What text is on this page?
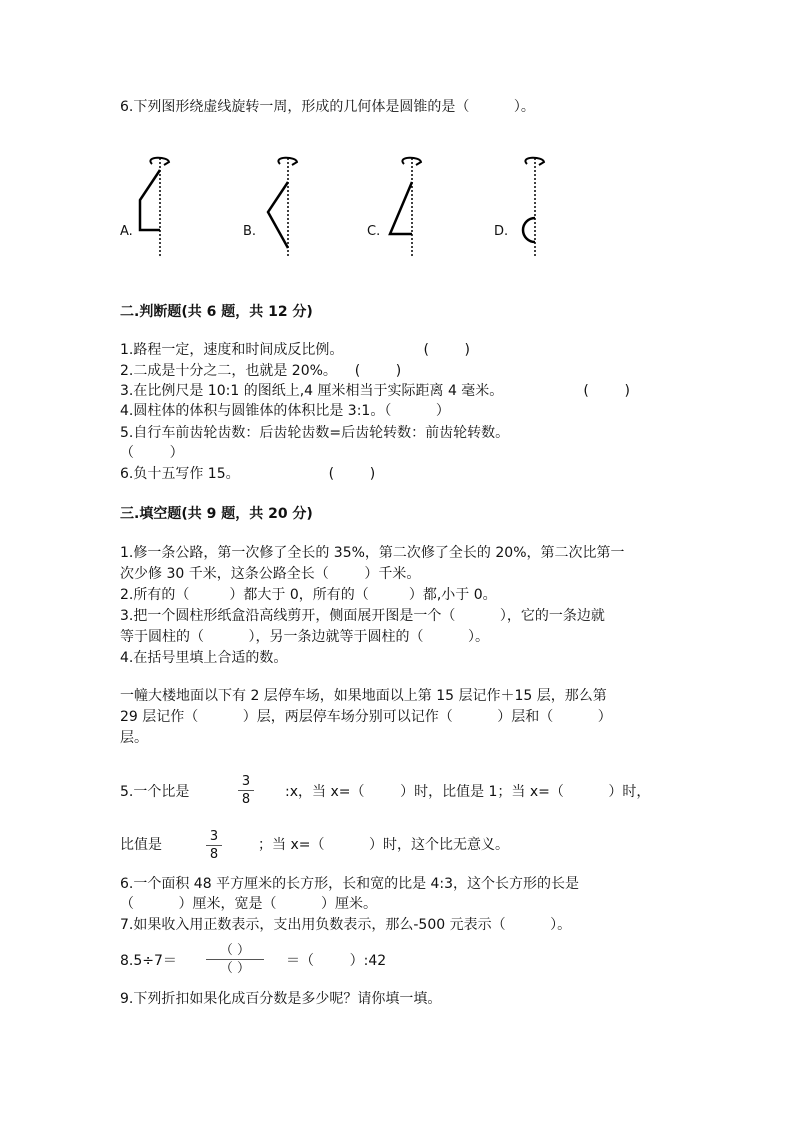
6.下列图形绕虚线旋转一周，形成的几何体是圆锥的是（          ）。
A.	B.	C.	D.
二.判断题(共 6 题，共 12 分)
1.路程一定，速度和时间成反比例。                  (        )
2.二成是十分之二，也就是 20%。    (        )
3.在比例尺是 10:1 的图纸上,4 厘米相当于实际距离 4 毫米。                  (        )
4.圆柱体的体积与圆锥体的体积比是 3:1。（          ）
5.自行车前齿轮齿数：后齿轮齿数=后齿轮转数：前齿轮转数。
（        ）
6.负十五写作 15。                    (        )
三.填空题(共 9 题，共 20 分)
1.修一条公路，第一次修了全长的 35%，第二次修了全长的 20%，第二次比第一
次少修 30 千米，这条公路全长（        ）千米。
2.所有的（         ）都大于 0，所有的（         ）都,小于 0。
3.把一个圆柱形纸盒沿高线剪开，侧面展开图是一个（          ），它的一条边就
等于圆柱的（          ），另一条边就等于圆柱的（          ）。
4.在括号里填上合适的数。
一幢大楼地面以下有 2 层停车场，如果地面以上第 15 层记作＋15 层，那么第
29 层记作（          ）层，两层停车场分别可以记作（          ）层和（          ）
层。
5.一个比是
3
8 :x，当 x=（        ）时，比值是 1；当 x=（          ）时，
比值是
3
8
；当 x=（          ）时，这个比无意义。
6.一个面积 48 平方厘米的长方形，长和宽的比是 4:3，这个长方形的长是
（          ）厘米，宽是（          ）厘米。
7.如果收入用正数表示，支出用负数表示，那么-500 元表示（          ）。
8.5÷7＝
（ ）
（ ）	＝（        ）:42
9.下列折扣如果化成百分数是多少呢？请你填一填。
